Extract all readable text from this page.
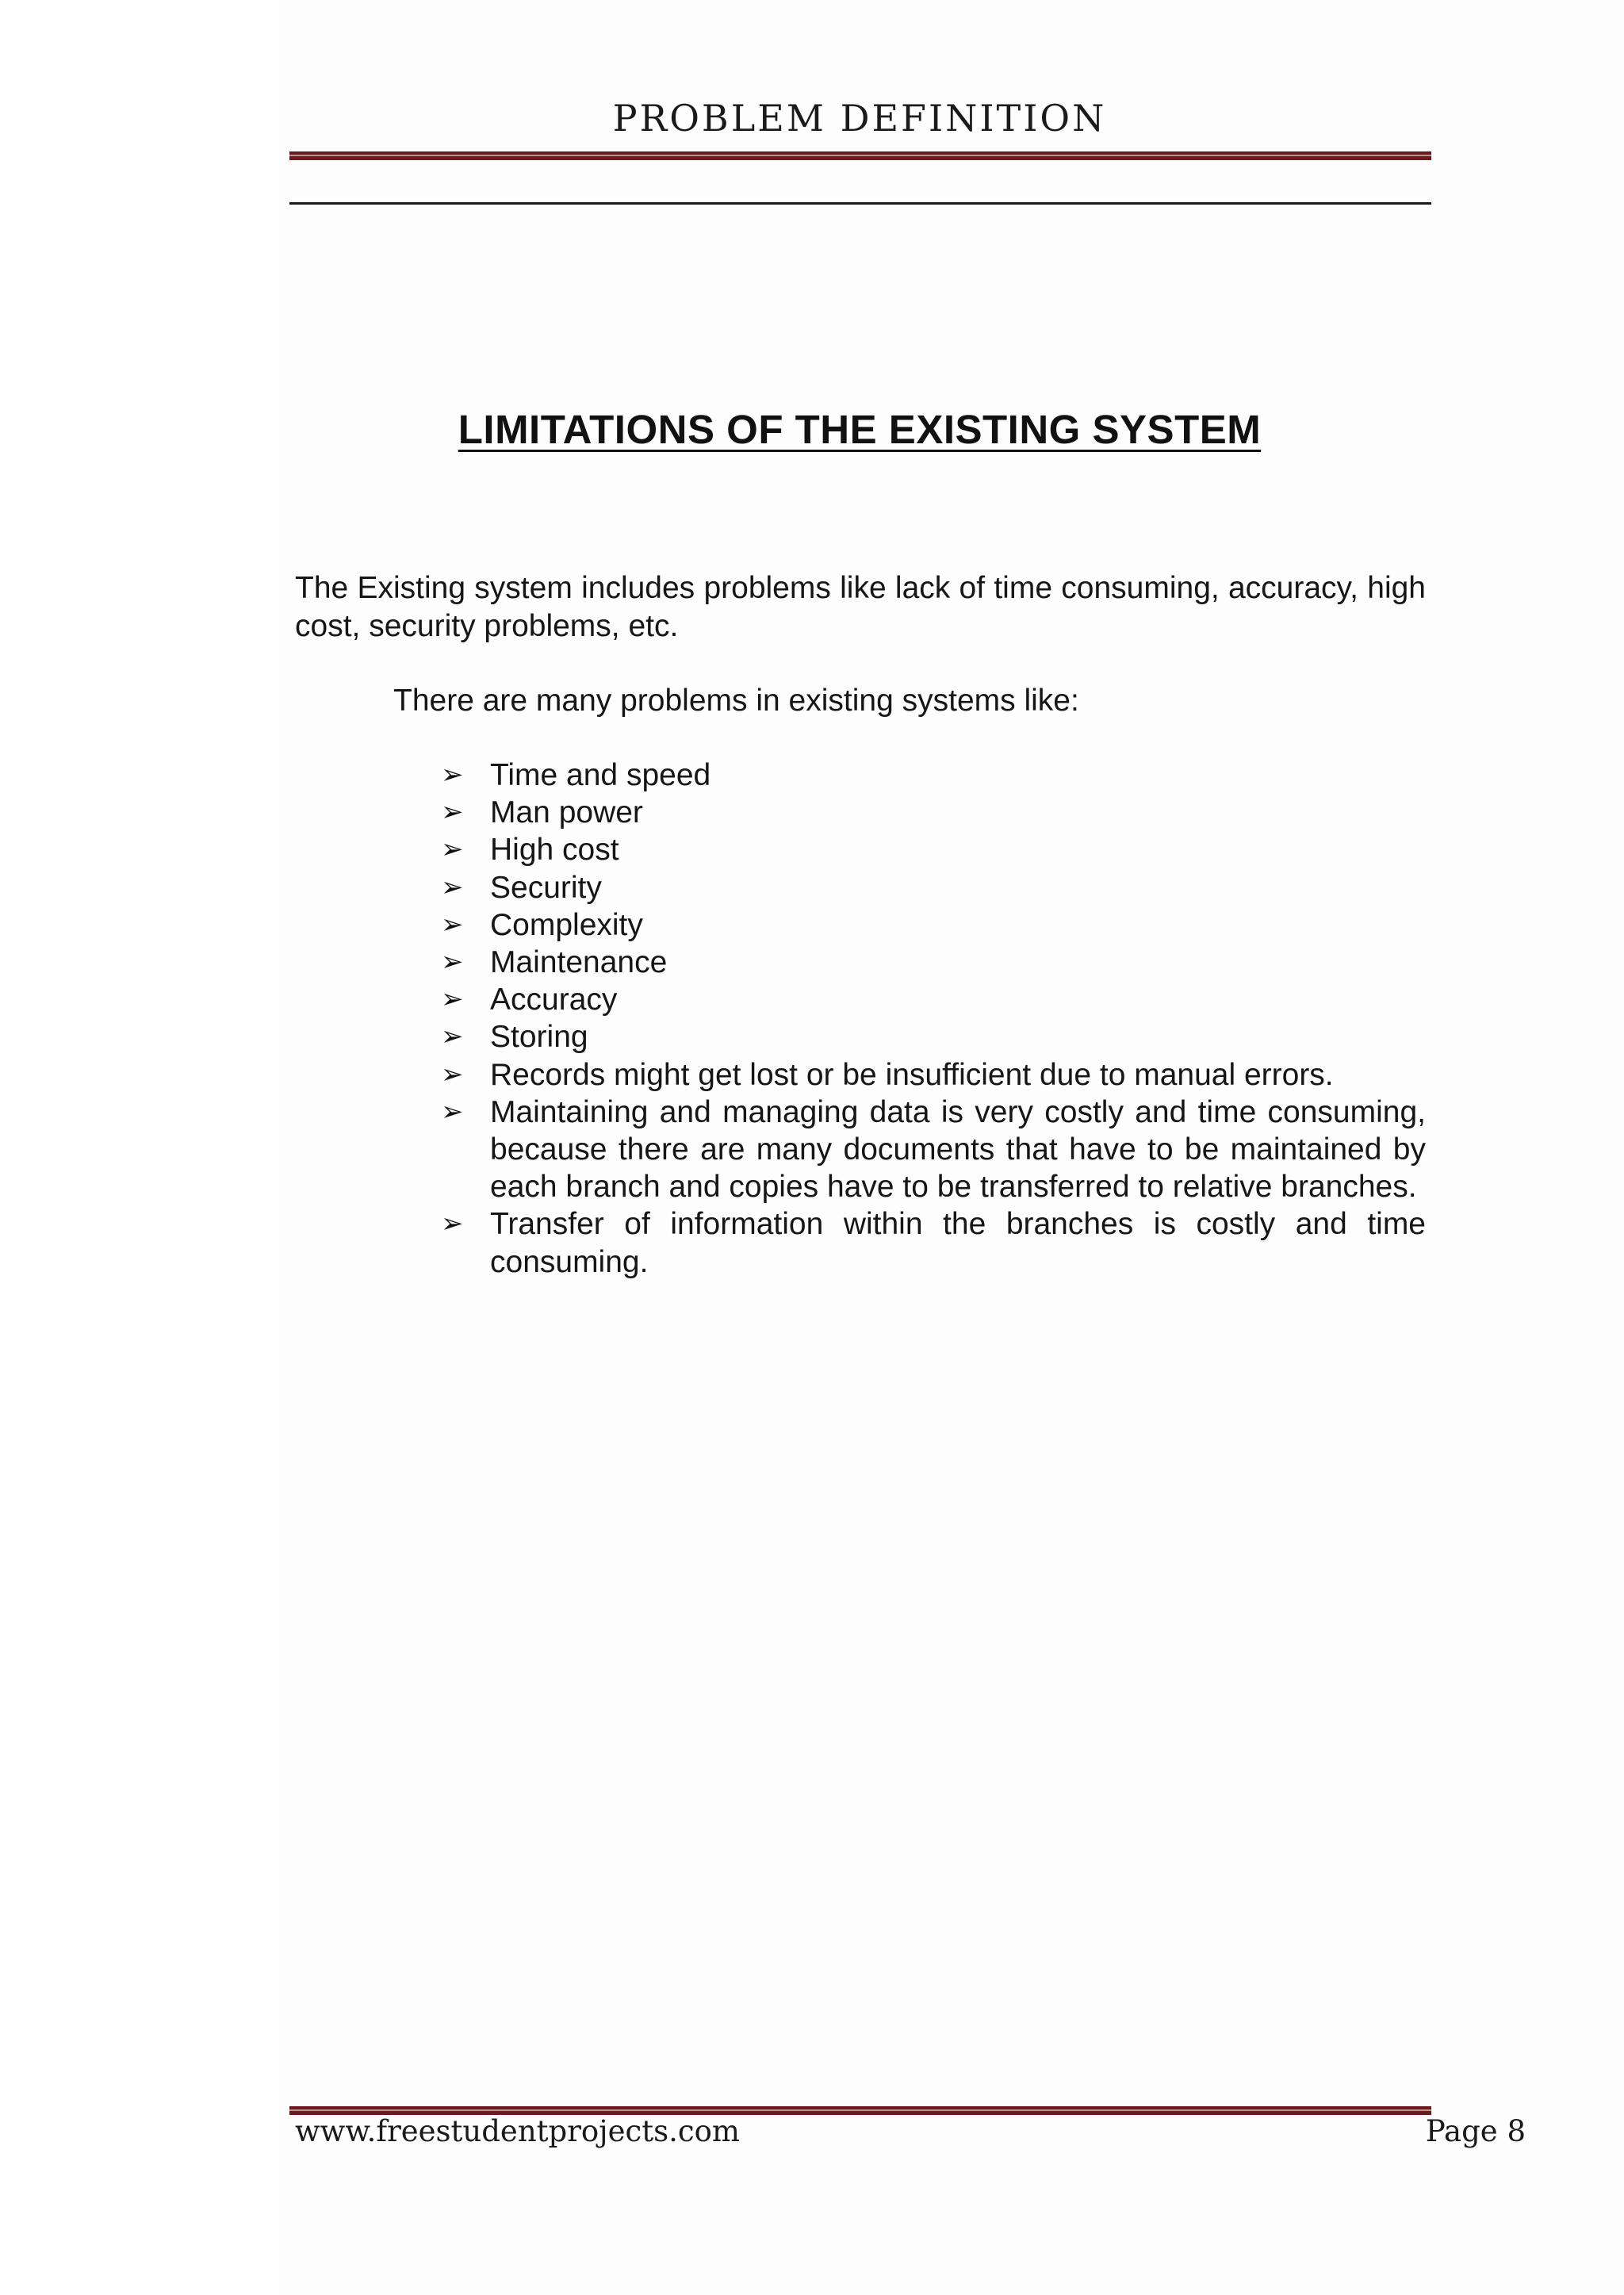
PROBLEM DEFINITION
LIMITATIONS OF THE EXISTING SYSTEM
The Existing system includes problems like lack of time consuming, accuracy, high cost, security problems, etc.
There are many problems in existing systems like:
➢ Time and speed
➢ Man power
➢ High cost
➢ Security
➢ Complexity
➢ Maintenance
➢ Accuracy
➢ Storing
➢ Records might get lost or be insufficient due to manual errors.
➢ Maintaining and managing data is very costly and time consuming, because there are many documents that have to be maintained by each branch and copies have to be transferred to relative branches.
➢ Transfer of information within the branches is costly and time consuming.
www.freestudentprojects.com	Page 8
